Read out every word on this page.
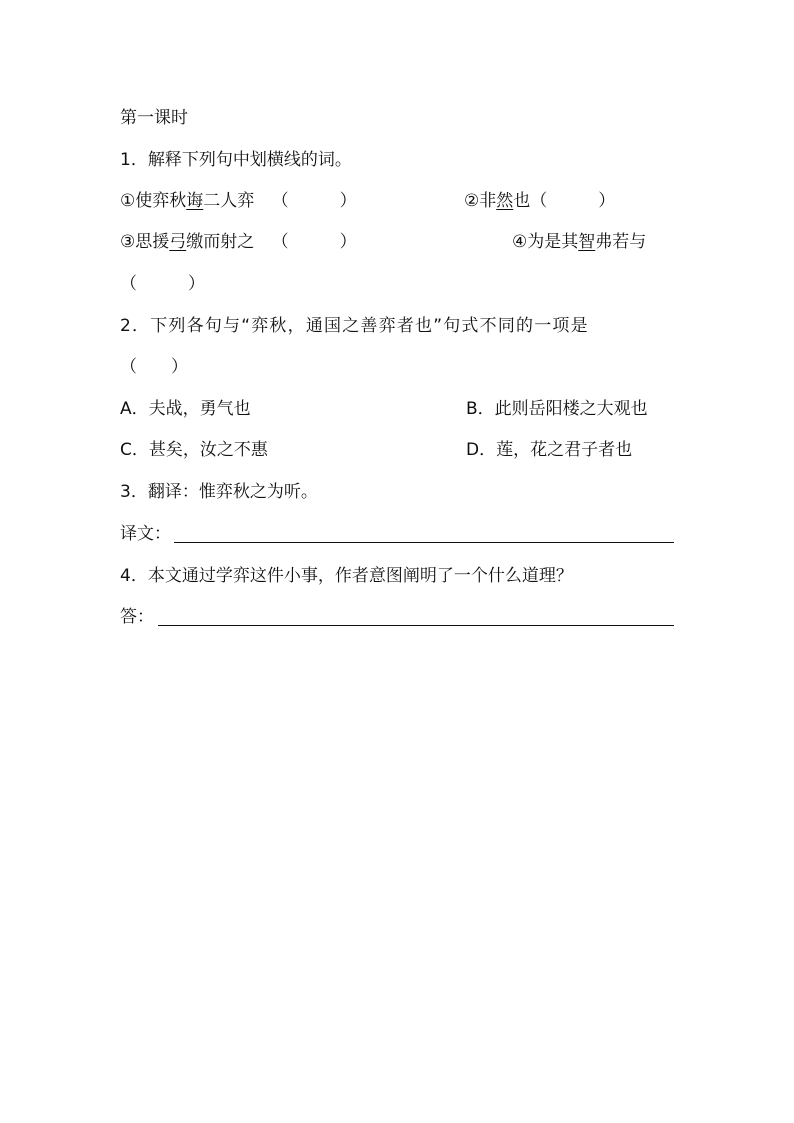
第一课时
1．解释下列句中划横线的词。
①使弈秋诲二人弈 （　　　）	②非然也（　　　）
③思援弓缴而射之 （　　　）	④为是其智弗若与
（　　　）
2．下列各句与“弈秋，通国之善弈者也”句式不同的一项是
（　　）
A．夫战，勇气也	B．此则岳阳楼之大观也
C．甚矣，汝之不惠	D．莲，花之君子者也
3．翻译：惟弈秋之为听。
译文：
4．本文通过学弈这件小事，作者意图阐明了一个什么道理？
答：
